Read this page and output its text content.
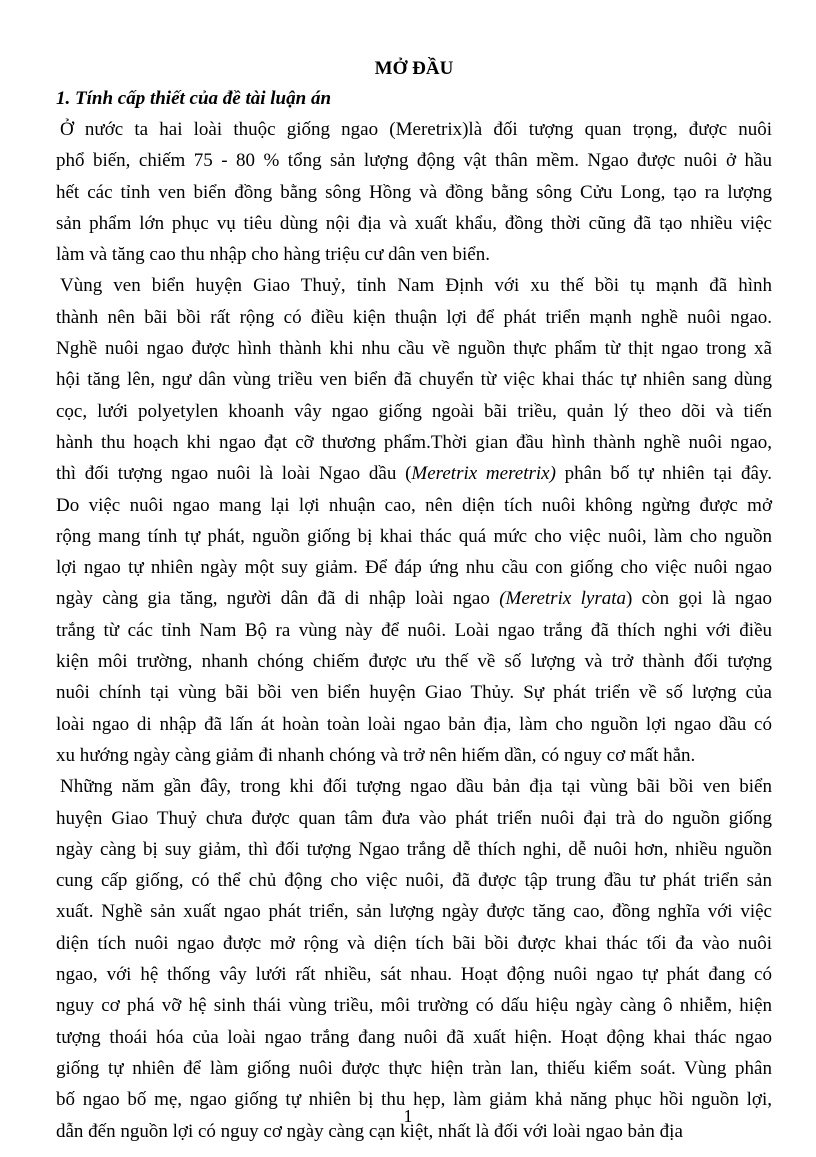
MỞ ĐẦU
1. Tính cấp thiết của đề tài luận án

Ở nước ta hai loài thuộc giống ngao (Meretrix)là đối tượng quan trọng, được nuôi
phổ biến, chiếm 75 - 80 % tổng sản lượng động vật thân mềm. Ngao được nuôi ở hầu
hết các tỉnh ven biển đồng bằng sông Hồng và đồng bằng sông Cửu Long, tạo ra lượng
sản phẩm lớn phục vụ tiêu dùng nội địa và xuất khẩu, đồng thời cũng đã tạo nhiều việc
làm và tăng cao thu nhập cho hàng triệu cư dân ven biển.

Vùng ven biển huyện Giao Thuỷ, tỉnh Nam Định với xu thế bồi tụ mạnh đã hình
thành nên bãi bồi rất rộng có điều kiện thuận lợi để phát triển mạnh nghề nuôi ngao.
Nghề nuôi ngao được hình thành khi nhu cầu về nguồn thực phẩm từ thịt ngao trong xã
hội tăng lên, ngư dân vùng triều ven biển đã chuyển từ việc khai thác tự nhiên sang dùng
cọc, lưới polyetylen khoanh vây ngao giống ngoài bãi triều, quản lý theo dõi và tiến
hành thu hoạch khi ngao đạt cỡ thương phẩm.Thời gian đầu hình thành nghề nuôi ngao,
thì đối tượng ngao nuôi là loài Ngao dầu (Meretrix meretrix) phân bố tự nhiên tại đây.
Do việc nuôi ngao mang lại lợi nhuận cao, nên diện tích nuôi không ngừng được mở
rộng mang tính tự phát, nguồn giống bị khai thác quá mức cho việc nuôi, làm cho nguồn
lợi ngao tự nhiên ngày một suy giảm. Để đáp ứng nhu cầu con giống cho việc nuôi ngao
ngày càng gia tăng, người dân đã di nhập loài ngao (Meretrix lyrata) còn gọi là ngao
trắng từ các tỉnh Nam Bộ ra vùng này để nuôi. Loài ngao trắng đã thích nghi với điều
kiện môi trường, nhanh chóng chiếm được ưu thế về số lượng và trở thành đối tượng
nuôi chính tại vùng bãi bồi ven biển huyện Giao Thủy. Sự phát triển về số lượng của
loài ngao di nhập đã lấn át hoàn toàn loài ngao bản địa, làm cho nguồn lợi ngao dầu có
xu hướng ngày càng giảm đi nhanh chóng và trở nên hiếm dần, có nguy cơ mất hẳn.

Những năm gần đây, trong khi đối tượng ngao dầu bản địa tại vùng bãi bồi ven biển
huyện Giao Thuỷ chưa được quan tâm đưa vào phát triển nuôi đại trà do nguồn giống
ngày càng bị suy giảm, thì đối tượng Ngao trắng dễ thích nghi, dễ nuôi hơn, nhiều nguồn
cung cấp giống, có thể chủ động cho việc nuôi, đã được tập trung đầu tư phát triển sản
xuất. Nghề sản xuất ngao phát triển, sản lượng ngày được tăng cao, đồng nghĩa với việc
diện tích nuôi ngao được mở rộng và diện tích bãi bồi được khai thác tối đa vào nuôi
ngao, với hệ thống vây lưới rất nhiều, sát nhau. Hoạt động nuôi ngao tự phát đang có
nguy cơ phá vỡ hệ sinh thái vùng triều, môi trường có dấu hiệu ngày càng ô nhiễm, hiện
tượng thoái hóa của loài ngao trắng đang nuôi đã xuất hiện. Hoạt động khai thác ngao
giống tự nhiên để làm giống nuôi được thực hiện tràn lan, thiếu kiểm soát. Vùng phân
bố ngao bố mẹ, ngao giống tự nhiên bị thu hẹp, làm giảm khả năng phục hồi nguồn lợi,
dẫn đến nguồn lợi có nguy cơ ngày càng cạn kiệt, nhất là đối với loài ngao bản địa

1
